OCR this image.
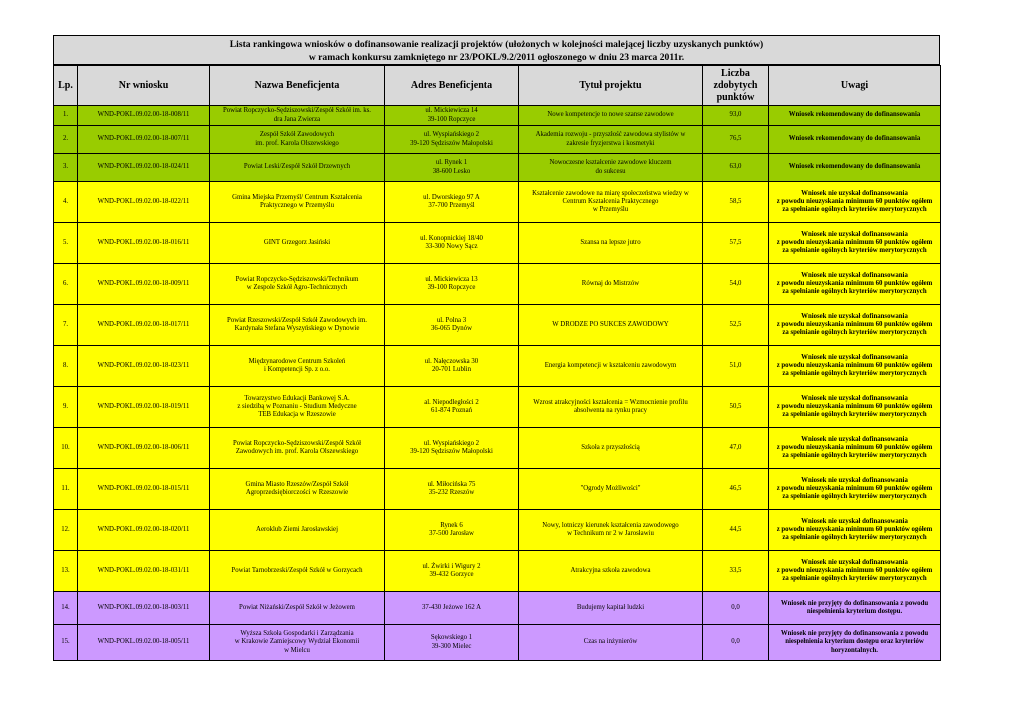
Lista rankingowa wniosków o dofinansowanie realizacji projektów (ułożonych w kolejności malejącej liczby uzyskanych punktów)
w ramach konkursu zamkniętego nr 23/POKL/9.2/2011 ogłoszonego w dniu 23 marca 2011r.
Lp.	Nr wniosku	Nazwa Beneficjenta	Adres Beneficjenta	Tytuł projektu	Liczba
zdobytych
punktów	Uwagi
1.	WND-POKL.09.02.00-18-008/11	Powiat Ropczycko-Sędziszowski/Zespół Szkół im. ks.
dra Jana Zwierza	ul. Mickiewicza 14
39-100 Ropczyce	Nowe kompetencje to nowe szanse zawodowe	93,0	Wniosek rekomendowany do dofinansowania
2.	WND-POKL.09.02.00-18-007/11	Zespół Szkół Zawodowych
im. prof. Karola Olszewskiego	ul. Wyspiańskiego 2
39-120 Sędziszów Małopolski	Akademia rozwoju - przyszłość zawodowa stylistów w
zakresie fryzjerstwa i kosmetyki	76,5	Wniosek rekomendowany do dofinansowania
3.	WND-POKL.09.02.00-18-024/11	Powiat Leski/Zespół Szkół Drzewnych	ul. Rynek 1
38-600 Lesko	Nowoczesne kształcenie zawodowe kluczem
do sukcesu	63,0	Wniosek rekomendowany do dofinansowania
4.	WND-POKL.09.02.00-18-022/11	Gmina Miejska Przemyśl/ Centrum Kształcenia
Praktycznego w Przemyślu	ul. Dworskiego 97 A
37-700 Przemyśl	Kształcenie zawodowe na miarę społeczeństwa wiedzy w
Centrum Kształcenia Praktycznego
w Przemyślu	58,5	Wniosek nie uzyskał dofinansowania
z powodu nieuzyskania minimum 60 punktów ogółem
za spełnianie ogólnych kryteriów merytorycznych
5.	WND-POKL.09.02.00-18-016/11	GINT Grzegorz Jasiński	ul. Konopnickiej 18/40
33-300 Nowy Sącz	Szansa na lepsze jutro	57,5	Wniosek nie uzyskał dofinansowania
z powodu nieuzyskania minimum 60 punktów ogółem
za spełnianie ogólnych kryteriów merytorycznych
6.	WND-POKL.09.02.00-18-009/11	Powiat Ropczycko-Sędziszowski/Technikum
w Zespole Szkół Agro-Technicznych	ul. Mickiewicza 13
39-100 Ropczyce	Równaj do Mistrzów	54,0	Wniosek nie uzyskał dofinansowania
z powodu nieuzyskania minimum 60 punktów ogółem
za spełnianie ogólnych kryteriów merytorycznych
7.	WND-POKL.09.02.00-18-017/11	Powiat Rzeszowski/Zespół Szkół Zawodowych im.
Kardynała Stefana Wyszyńskiego w Dynowie	ul. Polna 3
36-065 Dynów	W DRODZE PO SUKCES ZAWODOWY	52,5	Wniosek nie uzyskał dofinansowania
z powodu nieuzyskania minimum 60 punktów ogółem
za spełnianie ogólnych kryteriów merytorycznych
8.	WND-POKL.09.02.00-18-023/11	Międzynarodowe Centrum Szkoleń
i Kompetencji Sp. z o.o.	ul. Nałęczowska 30
20-701 Lublin	Energia kompetencji w kształceniu zawodowym	51,0	Wniosek nie uzyskał dofinansowania
z powodu nieuzyskania minimum 60 punktów ogółem
za spełnianie ogólnych kryteriów merytorycznych
9.	WND-POKL.09.02.00-18-019/11	Towarzystwo Edukacji Bankowej S.A.
z siedzibą w Poznaniu - Studium Medyczne
TEB Edukacja w Rzeszowie	al. Niepodległości 2
61-874 Poznań	Wzrost atrakcyjności kształcenia = Wzmocnienie profilu
absolwenta na rynku pracy	50,5	Wniosek nie uzyskał dofinansowania
z powodu nieuzyskania minimum 60 punktów ogółem
za spełnianie ogólnych kryteriów merytorycznych
10.	WND-POKL.09.02.00-18-006/11	Powiat Ropczycko-Sędziszowski/Zespół Szkół
Zawodowych im. prof. Karola Olszewskiego	ul. Wyspiańskiego 2
39-120 Sędziszów Małopolski	Szkoła z przyszłością	47,0	Wniosek nie uzyskał dofinansowania
z powodu nieuzyskania minimum 60 punktów ogółem
za spełnianie ogólnych kryteriów merytorycznych
11.	WND-POKL.09.02.00-18-015/11	Gmina Miasto Rzeszów/Zespół Szkół
Agroprzedsiębiorczości w Rzeszowie	ul. Miłocińska 75
35-232 Rzeszów	"Ogrody Możliwości"	46,5	Wniosek nie uzyskał dofinansowania
z powodu nieuzyskania minimum 60 punktów ogółem
za spełnianie ogólnych kryteriów merytorycznych
12.	WND-POKL.09.02.00-18-020/11	Aeroklub Ziemi Jarosławskiej	Rynek 6
37-500 Jarosław	Nowy, lotniczy kierunek kształcenia zawodowego
w Technikum nr 2 w Jarosławiu	44,5	Wniosek nie uzyskał dofinansowania
z powodu nieuzyskania minimum 60 punktów ogółem
za spełnianie ogólnych kryteriów merytorycznych
13.	WND-POKL.09.02.00-18-031/11	Powiat Tarnobrzeski/Zespół Szkół w Gorzycach	ul. Żwirki i Wigury 2
39-432 Gorzyce	Atrakcyjna szkoła zawodowa	33,5	Wniosek nie uzyskał dofinansowania
z powodu nieuzyskania minimum 60 punktów ogółem
za spełnianie ogólnych kryteriów merytorycznych
14.	WND-POKL.09.02.00-18-003/11	Powiat Niżański/Zespół Szkół w Jeżowem	37-430 Jeżowe 162 A	Budujemy kapitał ludzki	0,0	Wniosek nie przyjęty do dofinansowania z powodu
niespełnienia kryterium dostępu.
15.	WND-POKL.09.02.00-18-005/11	Wyższa Szkoła Gospodarki i Zarządzania
w Krakowie Zamiejscowy Wydział Ekonomii
w Mielcu	Sękowskiego 1
39-300 Mielec	Czas na inżynierów	0,0	Wniosek nie przyjęty do dofinansowania z powodu
niespełnienia kryterium dostępu oraz kryteriów
horyzontalnych.
